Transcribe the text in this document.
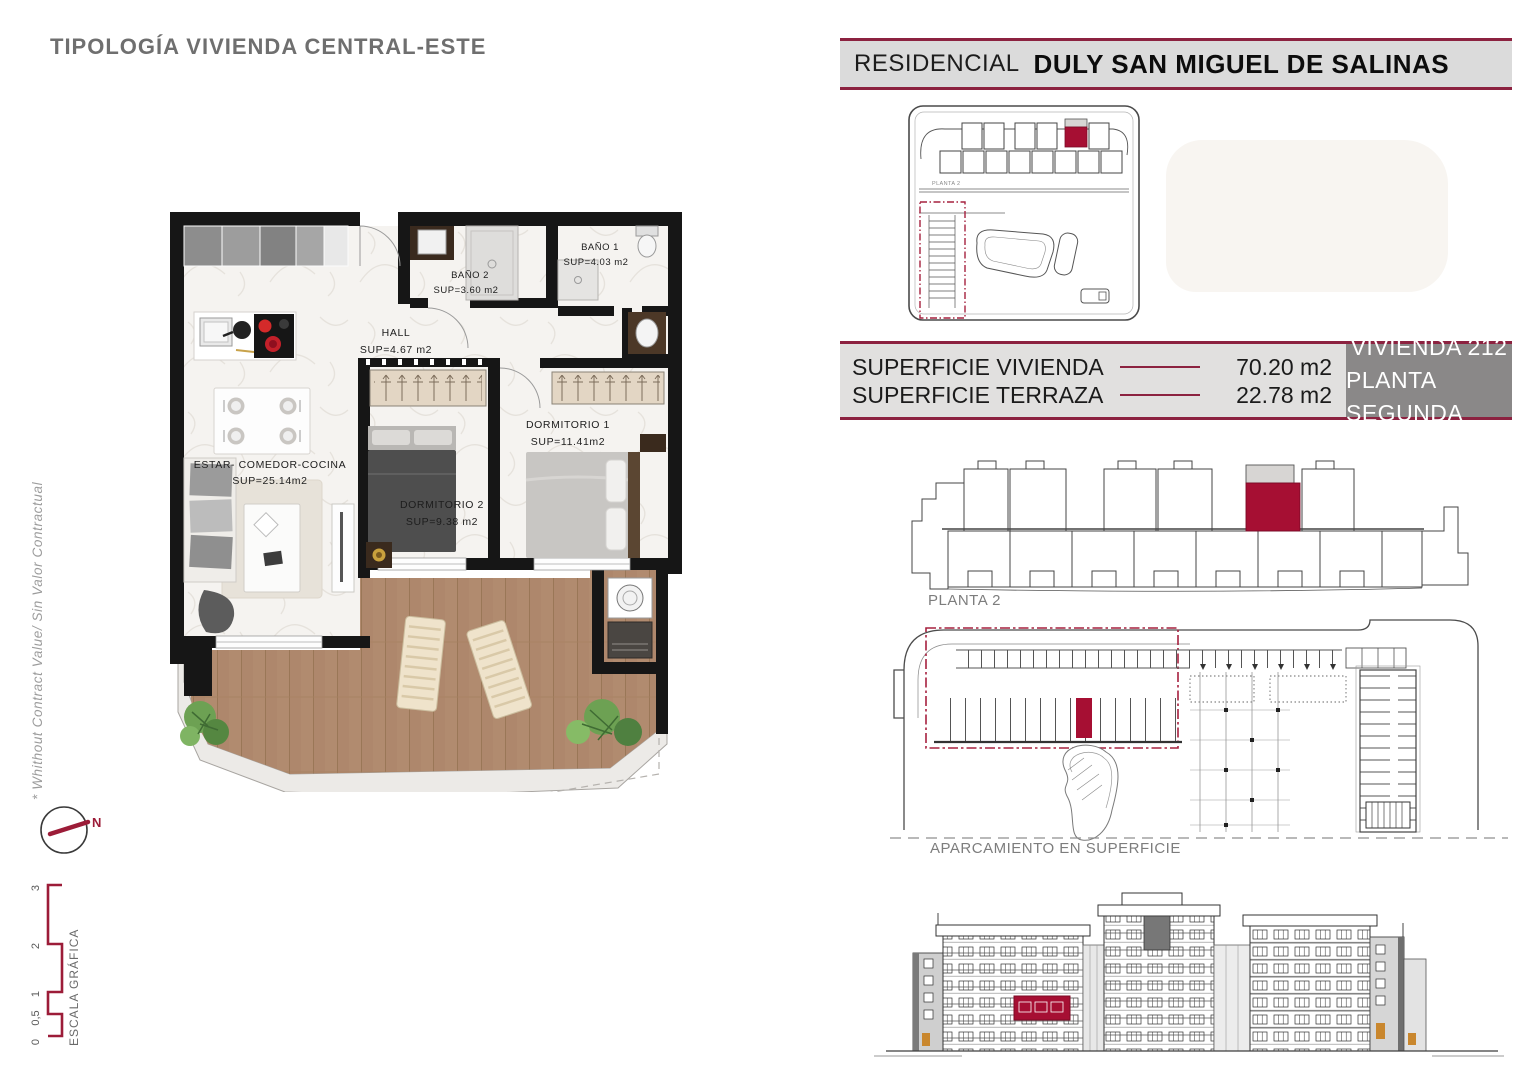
TIPOLOGÍA VIVIENDA CENTRAL-ESTE
* Whithout Contract Value/ Sin Valor Contractual
ESTAR- COMEDOR-COCINA
SUP=25.14m2
HALL
SUP=4.67 m2
BAÑO 2
SUP=3.60 m2
BAÑO 1
SUP=4.03 m2
DORMITORIO 1
SUP=11.41m2
DORMITORIO 2
SUP=9.38 m2
N
3
2
1
0,5
0 ESCALA GRÁFICA
RESIDENCIAL DULY SAN MIGUEL DE SALINAS
PLANTA 2
SUPERFICIE VIVIENDA	70.20 m2
SUPERFICIE TERRAZA	22.78 m2
VIVIENDA 212
PLANTA SEGUNDA
PLANTA 2
APARCAMIENTO EN SUPERFICIE
